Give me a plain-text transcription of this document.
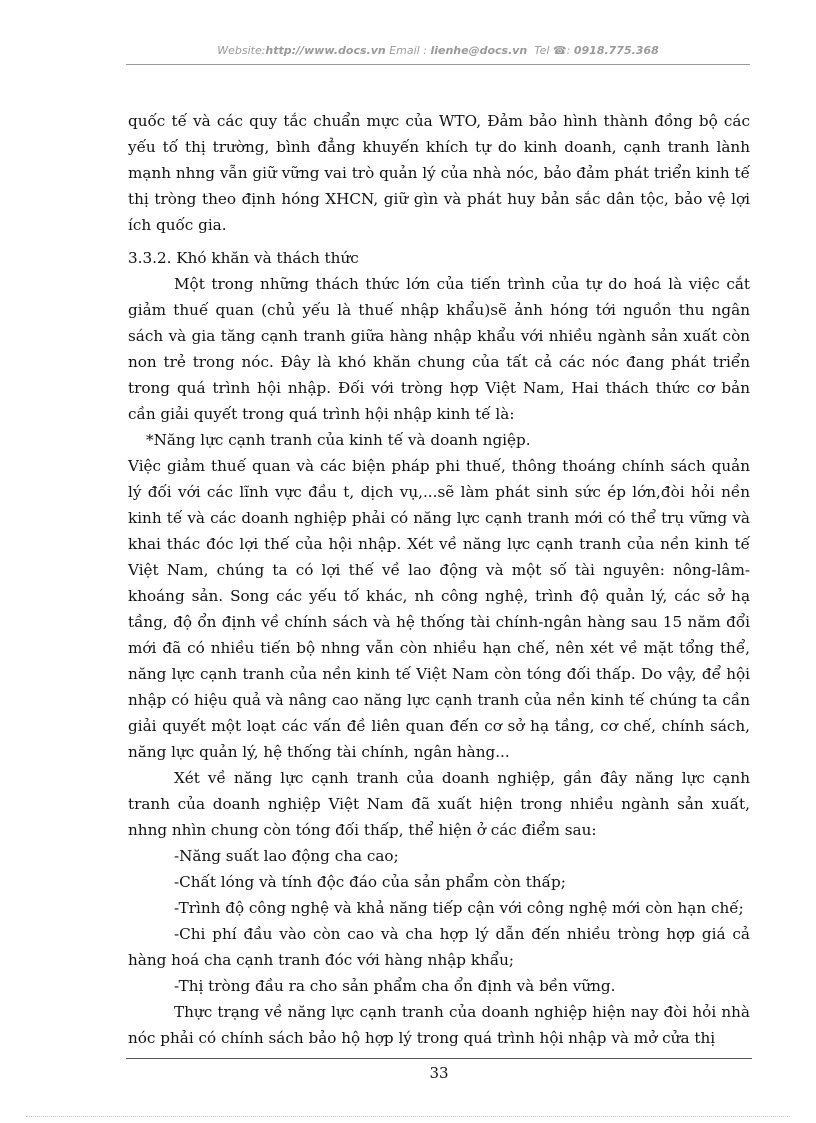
Website:http://www.docs.vn Email : lienhe@docs.vn Tel ☎: 0918.775.368

quốc tế và các quy tắc chuẩn mực của WTO, Đảm bảo hình thành đồng bộ các yếu tố thị trường, bình đẳng khuyến khích tự do kinh doanh, cạnh tranh lành mạnh nhng vẫn giữ vững vai trò quản lý của nhà nóc, bảo đảm phát triển kinh tế thị tròng theo định hóng XHCN, giữ gìn và phát huy bản sắc dân tộc, bảo vệ lợi ích quốc gia.

3.3.2. Khó khăn và thách thức

Một trong những thách thức lớn của tiến trình của tự do hoá là việc cắt giảm thuế quan (chủ yếu là thuế nhập khẩu)sẽ ảnh hóng tới nguồn thu ngân sách và gia tăng cạnh tranh giữa hàng nhập khẩu với nhiều ngành sản xuất còn non trẻ trong nóc. Đây là khó khăn chung của tất cả các nóc đang phát triển trong quá trình hội nhập. Đối với tròng hợp Việt Nam, Hai thách thức cơ bản cần giải quyết trong quá trình hội nhập kinh tế là:

*Năng lực cạnh tranh của kinh tế và doanh ngiệp.

Việc giảm thuế quan và các biện pháp phi thuế, thông thoáng chính sách quản lý đối với các lĩnh vực đầu t, dịch vụ,...sẽ làm phát sinh sức ép lớn,đòi hỏi nền kinh tế và các doanh nghiệp phải có năng lực cạnh tranh mới có thể trụ vững và khai thác đóc lợi thế của hội nhập. Xét về năng lực cạnh tranh của nền kinh tế Việt Nam, chúng ta có lợi thế về lao động và một số tài nguyên: nông-lâm-khoáng sản. Song các yếu tố khác, nh công nghệ, trình độ quản lý, các sở hạ tầng, độ ổn định về chính sách và hệ thống tài chính-ngân hàng sau 15 năm đổi mới đã có nhiều tiến bộ nhng vẫn còn nhiều hạn chế, nên xét về mặt tổng thể, năng lực cạnh tranh của nền kinh tế Việt Nam còn tóng đối thấp. Do vậy, để hội nhập có hiệu quả và nâng cao năng lực cạnh tranh của nền kinh tế chúng ta cần giải quyết một loạt các vấn đề liên quan đến cơ sở hạ tầng, cơ chế, chính sách, năng lực quản lý, hệ thống tài chính, ngân hàng...

Xét về năng lực cạnh tranh của doanh nghiệp, gần đây năng lực cạnh tranh của doanh nghiệp Việt Nam đã xuất hiện trong nhiều ngành sản xuất, nhng nhìn chung còn tóng đối thấp, thể hiện ở các điểm sau:

-Năng suất lao động cha cao;

-Chất lóng và tính độc đáo của sản phẩm còn thấp;

-Trình độ công nghệ và khả năng tiếp cận với công nghệ mới còn hạn chế;

-Chi phí đầu vào còn cao và cha hợp lý dẫn đến nhiều tròng hợp giá cả hàng hoá cha cạnh tranh đóc với hàng nhập khẩu;

-Thị tròng đầu ra cho sản phẩm cha ổn định và bền vững.

Thực trạng về năng lực cạnh tranh của doanh nghiệp hiện nay đòi hỏi nhà nóc phải có chính sách bảo hộ hợp lý trong quá trình hội nhập và mở cửa thị

33
